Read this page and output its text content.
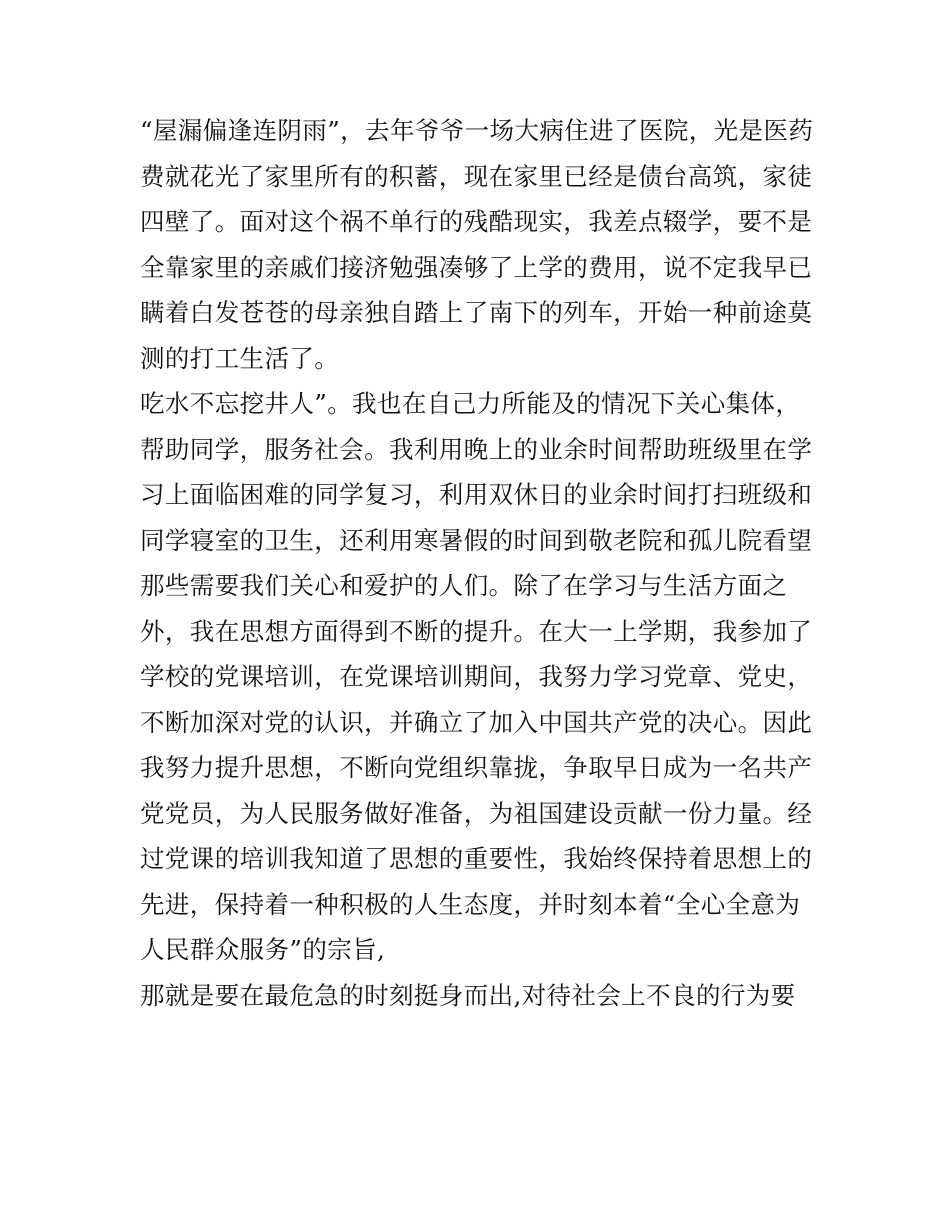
“屋漏偏逢连阴雨”，去年爷爷一场大病住进了医院，光是医药
费就花光了家里所有的积蓄，现在家里已经是债台高筑，家徒
四壁了。面对这个祸不单行的残酷现实，我差点辍学，要不是
全靠家里的亲戚们接济勉强凑够了上学的费用，说不定我早已
瞒着白发苍苍的母亲独自踏上了南下的列车，开始一种前途莫
测的打工生活了。
吃水不忘挖井人”。我也在自己力所能及的情况下关心集体，
帮助同学，服务社会。我利用晚上的业余时间帮助班级里在学
习上面临困难的同学复习，利用双休日的业余时间打扫班级和
同学寝室的卫生，还利用寒暑假的时间到敬老院和孤儿院看望
那些需要我们关心和爱护的人们。除了在学习与生活方面之
外，我在思想方面得到不断的提升。在大一上学期，我参加了
学校的党课培训，在党课培训期间，我努力学习党章、党史，
不断加深对党的认识，并确立了加入中国共产党的决心。因此
我努力提升思想，不断向党组织靠拢，争取早日成为一名共产
党党员，为人民服务做好准备，为祖国建设贡献一份力量。经
过党课的培训我知道了思想的重要性，我始终保持着思想上的
先进，保持着一种积极的人生态度，并时刻本着“全心全意为
人民群众服务”的宗旨,
那就是要在最危急的时刻挺身而出,对待社会上不良的行为要
